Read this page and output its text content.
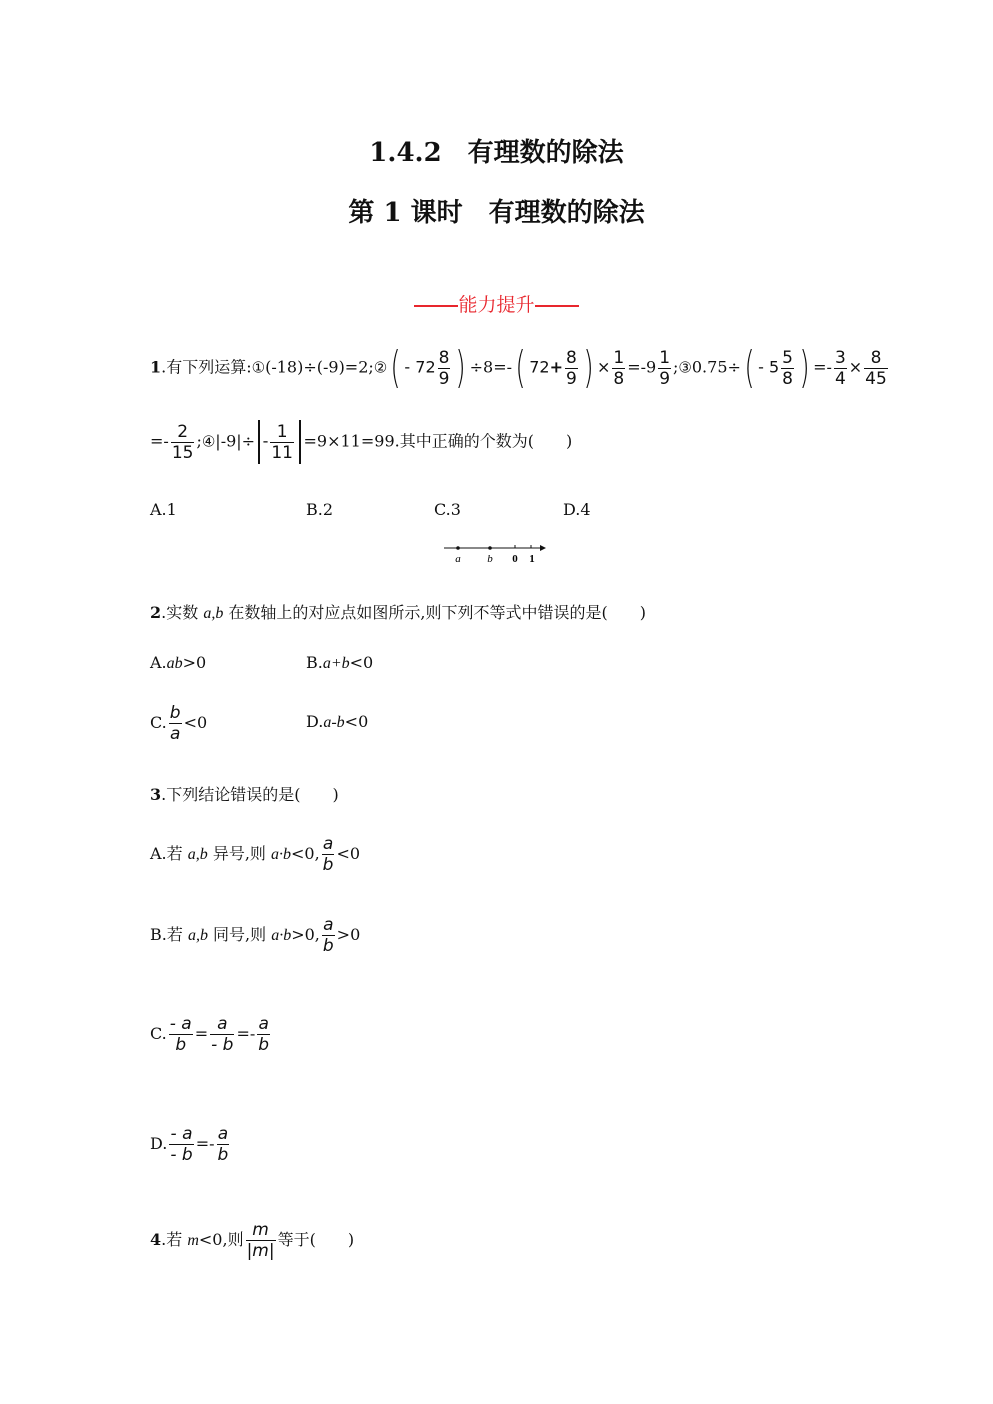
1.4.2　有理数的除法
第 1 课时　有理数的除法
能力提升
1.有下列运算:①(-18)÷(-9)=2;②( - $72 \frac{8}{9}$ ) ÷8=-( $72+ \frac{8}{9}$ ) × $\frac{1}{8} =-9 \frac{1}{9}$ ;③0.75÷( - $5 \frac{5}{8}$ ) =- $\frac{3}{4} \times \frac{8}{45}$
=- $\frac{2}{15}$ ;④|-9|÷ - $\frac{1}{11} =9\times 11=99$.其中正确的个数为(　　)
A.1	B.2	C.3	D.4
a b 0 1
2.实数 a,b 在数轴上的对应点如图所示,则下列不等式中错误的是(　　)
A.ab>0	B.a+b<0
C. $\frac{b}{a} <0$	D.a-b<0
3.下列结论错误的是(　　)
A.若 a,b 异号,则 a·b<0, $\frac{a}{b} <0$
B.若 a,b 同号,则 a·b>0, $\frac{a}{b} >0$
C. $\frac{- a}{b} = \frac{a}{- b} =- \frac{a}{b}$
D. $\frac{- a}{- b} =- \frac{a}{b}$
4.若 m<0,则 $\frac{m}{|m|}$ 等于(　　)
